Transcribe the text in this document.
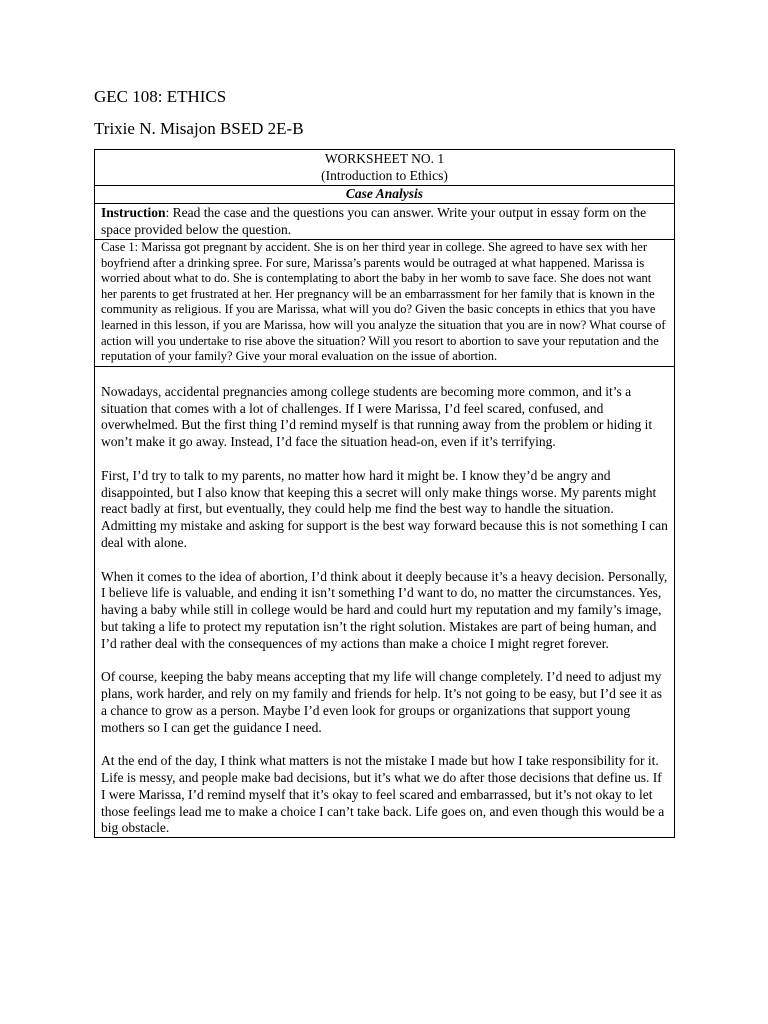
GEC 108: ETHICS
Trixie N. Misajon BSED 2E-B
WORKSHEET NO. 1
(Introduction to Ethics)
Case Analysis
Instruction: Read the case and the questions you can answer. Write your output in essay form on the space provided below the question.
Case 1: Marissa got pregnant by accident. She is on her third year in college. She agreed to have sex with her boyfriend after a drinking spree. For sure, Marissa’s parents would be outraged at what happened. Marissa is worried about what to do. She is contemplating to abort the baby in her womb to save face. She does not want her parents to get frustrated at her. Her pregnancy will be an embarrassment for her family that is known in the community as religious. If you are Marissa, what will you do? Given the basic concepts in ethics that you have learned in this lesson, if you are Marissa, how will you analyze the situation that you are in now? What course of action will you undertake to rise above the situation? Will you resort to abortion to save your reputation and the reputation of your family? Give your moral evaluation on the issue of abortion.

Nowadays, accidental pregnancies among college students are becoming more common, and it’s a situation that comes with a lot of challenges. If I were Marissa, I’d feel scared, confused, and overwhelmed. But the first thing I’d remind myself is that running away from the problem or hiding it won’t make it go away. Instead, I’d face the situation head-on, even if it’s terrifying.

First, I’d try to talk to my parents, no matter how hard it might be. I know they’d be angry and disappointed, but I also know that keeping this a secret will only make things worse. My parents might react badly at first, but eventually, they could help me find the best way to handle the situation. Admitting my mistake and asking for support is the best way forward because this is not something I can deal with alone.

When it comes to the idea of abortion, I’d think about it deeply because it’s a heavy decision. Personally, I believe life is valuable, and ending it isn’t something I’d want to do, no matter the circumstances. Yes, having a baby while still in college would be hard and could hurt my reputation and my family’s image, but taking a life to protect my reputation isn’t the right solution. Mistakes are part of being human, and I’d rather deal with the consequences of my actions than make a choice I might regret forever.

Of course, keeping the baby means accepting that my life will change completely. I’d need to adjust my plans, work harder, and rely on my family and friends for help. It’s not going to be easy, but I’d see it as a chance to grow as a person. Maybe I’d even look for groups or organizations that support young mothers so I can get the guidance I need.

At the end of the day, I think what matters is not the mistake I made but how I take responsibility for it. Life is messy, and people make bad decisions, but it’s what we do after those decisions that define us. If I were Marissa, I’d remind myself that it’s okay to feel scared and embarrassed, but it’s not okay to let those feelings lead me to make a choice I can’t take back. Life goes on, and even though this would be a big obstacle.
